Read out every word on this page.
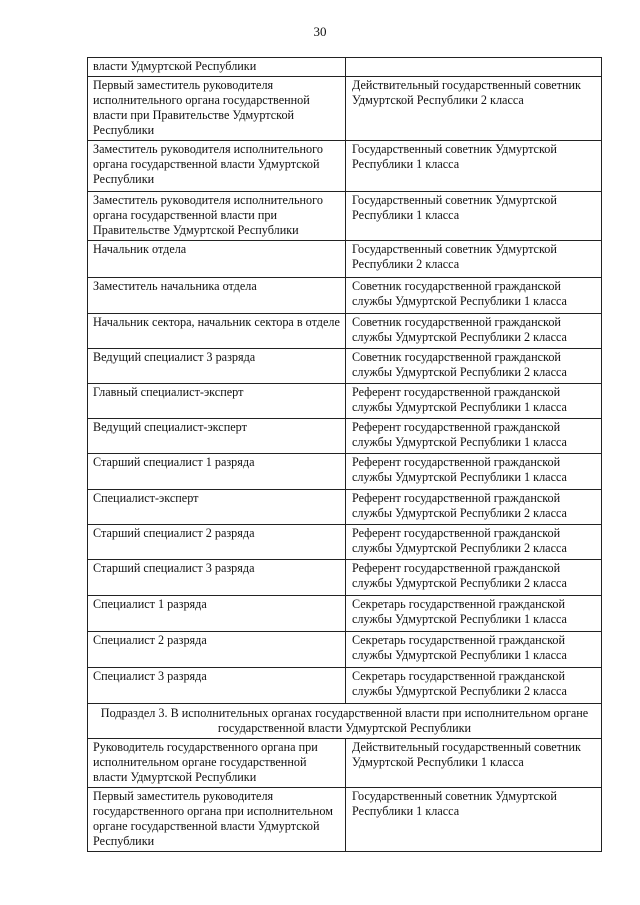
30
власти Удмуртской Республики	
Первый заместитель руководителя исполнительного органа государственной власти при Правительстве Удмуртской Республики	Действительный государственный советник Удмуртской Республики 2 класса
Заместитель руководителя исполнительного органа государственной власти Удмуртской Республики	Государственный советник Удмуртской Республики 1 класса
Заместитель руководителя исполнительного органа государственной власти при Правительстве Удмуртской Республики	Государственный советник Удмуртской Республики 1 класса
Начальник отдела	Государственный советник Удмуртской Республики 2 класса
Заместитель начальника отдела	Советник государственной гражданской службы Удмуртской Республики 1 класса
Начальник сектора, начальник сектора в отделе	Советник государственной гражданской службы Удмуртской Республики 2 класса
Ведущий специалист 3 разряда	Советник государственной гражданской службы Удмуртской Республики 2 класса
Главный специалист-эксперт	Референт государственной гражданской службы Удмуртской Республики 1 класса
Ведущий специалист-эксперт	Референт государственной гражданской службы Удмуртской Республики 1 класса
Старший специалист 1 разряда	Референт государственной гражданской службы Удмуртской Республики 1 класса
Специалист-эксперт	Референт государственной гражданской службы Удмуртской Республики 2 класса
Старший специалист 2 разряда	Референт государственной гражданской службы Удмуртской Республики 2 класса
Старший специалист 3 разряда	Референт государственной гражданской службы Удмуртской Республики 2 класса
Специалист 1 разряда	Секретарь государственной гражданской службы Удмуртской Республики 1 класса
Специалист 2 разряда	Секретарь государственной гражданской службы Удмуртской Республики 1 класса
Специалист 3 разряда	Секретарь государственной гражданской службы Удмуртской Республики 2 класса
Подраздел 3. В исполнительных органах государственной власти при исполнительном органе государственной власти Удмуртской Республики	
Руководитель государственного органа при исполнительном органе государственной власти Удмуртской Республики	Действительный государственный советник Удмуртской Республики 1 класса
Первый заместитель руководителя государственного органа при исполнительном органе государственной власти Удмуртской Республики	Государственный советник Удмуртской Республики 1 класса
